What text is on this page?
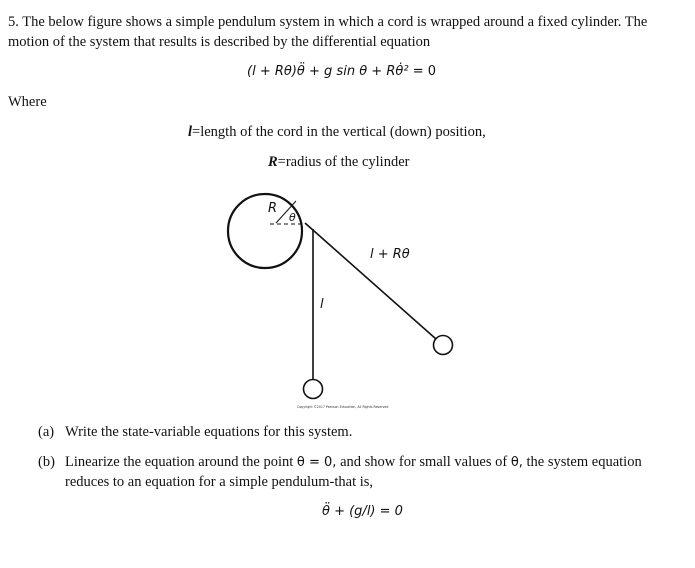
5. The below figure shows a simple pendulum system in which a cord is wrapped around a fixed cylinder. The motion of the system that results is described by the differential equation
(l + Rθ)θ̈ + g sin θ + Rθ̇² = 0
Where
l=length of the cord in the vertical (down) position,
R=radius of the cylinder
R
θ
l
l + Rθ
Copyright ©2017 Pearson Education, All Rights Reserved
(a) Write the state-variable equations for this system.
(b) Linearize the equation around the point θ = 0, and show for small values of θ, the system equation
reduces to an equation for a simple pendulum-that is,
θ̈ + (g/l) = 0
